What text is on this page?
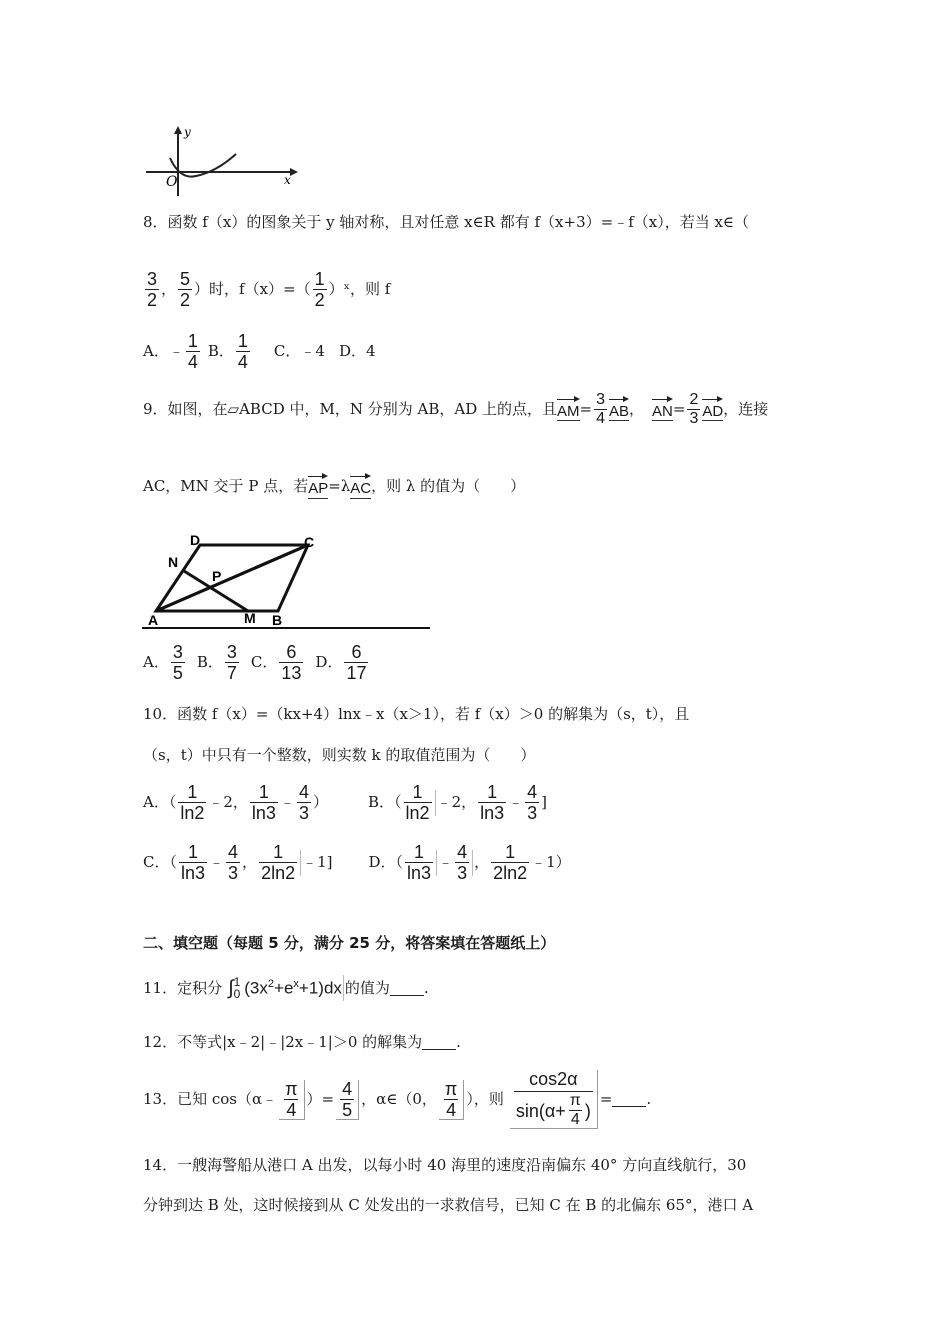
y
x
O
8．函数 f（x）的图象关于 y 轴对称，且对任意 x∈R 都有 f（x+3）=﹣f（x），若当 x∈（
$\frac{3}{2}$ ， $\frac{5}{2}$ ）时，$f(x)=( \frac{1}{2}$ ）ˣ，则 f
A．﹣ $\frac{1}{4}$ B． $\frac{1}{4}$ C．﹣4 D．4
9．如图，在▱ABCD 中，M，N 分别为 AB，AD 上的点，且 AM = $\frac{3}{4}$ AB ， AN = $\frac{2}{3}$ AD ，连接
AC，MN 交于 P 点，若 AP =λ AC ，则 λ 的值为（　　）
D	C
N
P
A	M B
A． $\frac{3}{5}$ B． $\frac{3}{7}$ C． $\frac{6}{13}$ D． $\frac{6}{17}$
10．函数 f（x）=（kx+4）lnx﹣x（x＞1），若 f（x）＞0 的解集为（s，t），且
（s，t）中只有一个整数，则实数 k 的取值范围为（　　）
A．（ $\frac{1}{\ln 2}$ ﹣2， $\frac{1}{\ln 3}$ ﹣ $\frac{4}{3}$ ）	B．（ $\frac{1}{\ln 2}$ ﹣2， $\frac{1}{\ln 3}$ ﹣ $\frac{4}{3}$ ]
C．（ $\frac{1}{\ln 3}$ ﹣ $\frac{4}{3}$ ， $\frac{1}{2\ln 2}$ ﹣1] D．（ $\frac{1}{\ln 3}$ ﹣ $\frac{4}{3}$ ， $\frac{1}{2\ln 2}$ ﹣1）
二、填空题（每题 5 分，满分 25 分，将答案填在答题纸上）
11．定积分 ∫ 1
0 $(3x^2+e^x+1)dx$ 的值为 .
12．不等式|x﹣2|﹣|2x﹣1|＞0 的解集为 .
13．已知 cos（α﹣ $\frac{\pi}{4}$ ）= $\frac{4}{5}$ ，α∈（0， $\frac{\pi}{4}$ ），则 $\frac{\cos 2\alpha}{\sin(\alpha+ \frac{\pi}{4} )}$ = .
14．一艘海警船从港口 A 出发，以每小时 40 海里的速度沿南偏东 40° 方向直线航行，30
分钟到达 B 处，这时候接到从 C 处发出的一求救信号，已知 C 在 B 的北偏东 65°，港口 A
